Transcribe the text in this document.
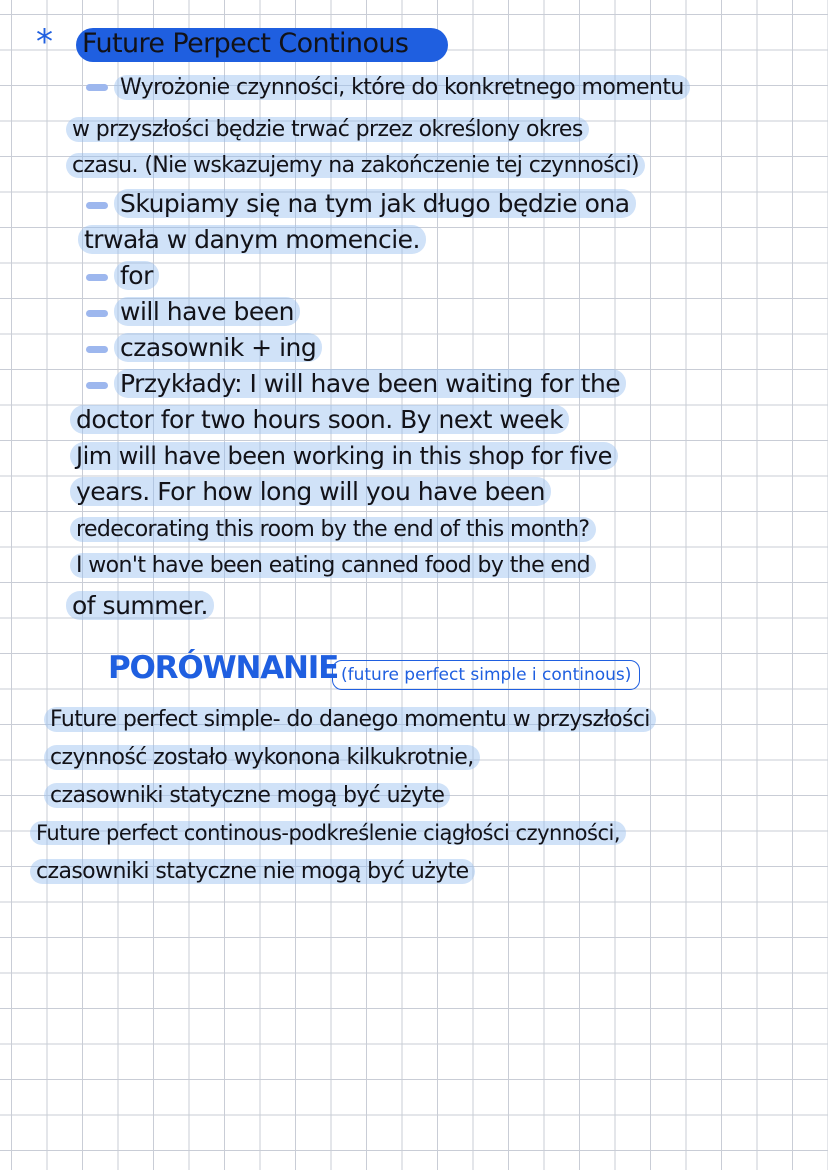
* Future Perpect Continous
Wyrożonie czynności, które do konkretnego momentu
w przyszłości będzie trwać przez określony okres
czasu. (Nie wskazujemy na zakończenie tej czynności)
Skupiamy się na tym jak długo będzie ona
trwała w danym momencie.
for
will have been
czasownik + ing
Przykłady: I will have been waiting for the
doctor for two hours soon. By next week
Jim will have been working in this shop for five
years. For how long will you have been
redecorating this room by the end of this month?
I won't have been eating canned food by the end
of summer.
PORÓWNANIE (future perfect simple i continous)
Future perfect simple- do danego momentu w przyszłości
czynność zostało wykonona kilkukrotnie,
czasowniki statyczne mogą być użyte
Future perfect continous-podkreślenie ciągłości czynności,
czasowniki statyczne nie mogą być użyte
